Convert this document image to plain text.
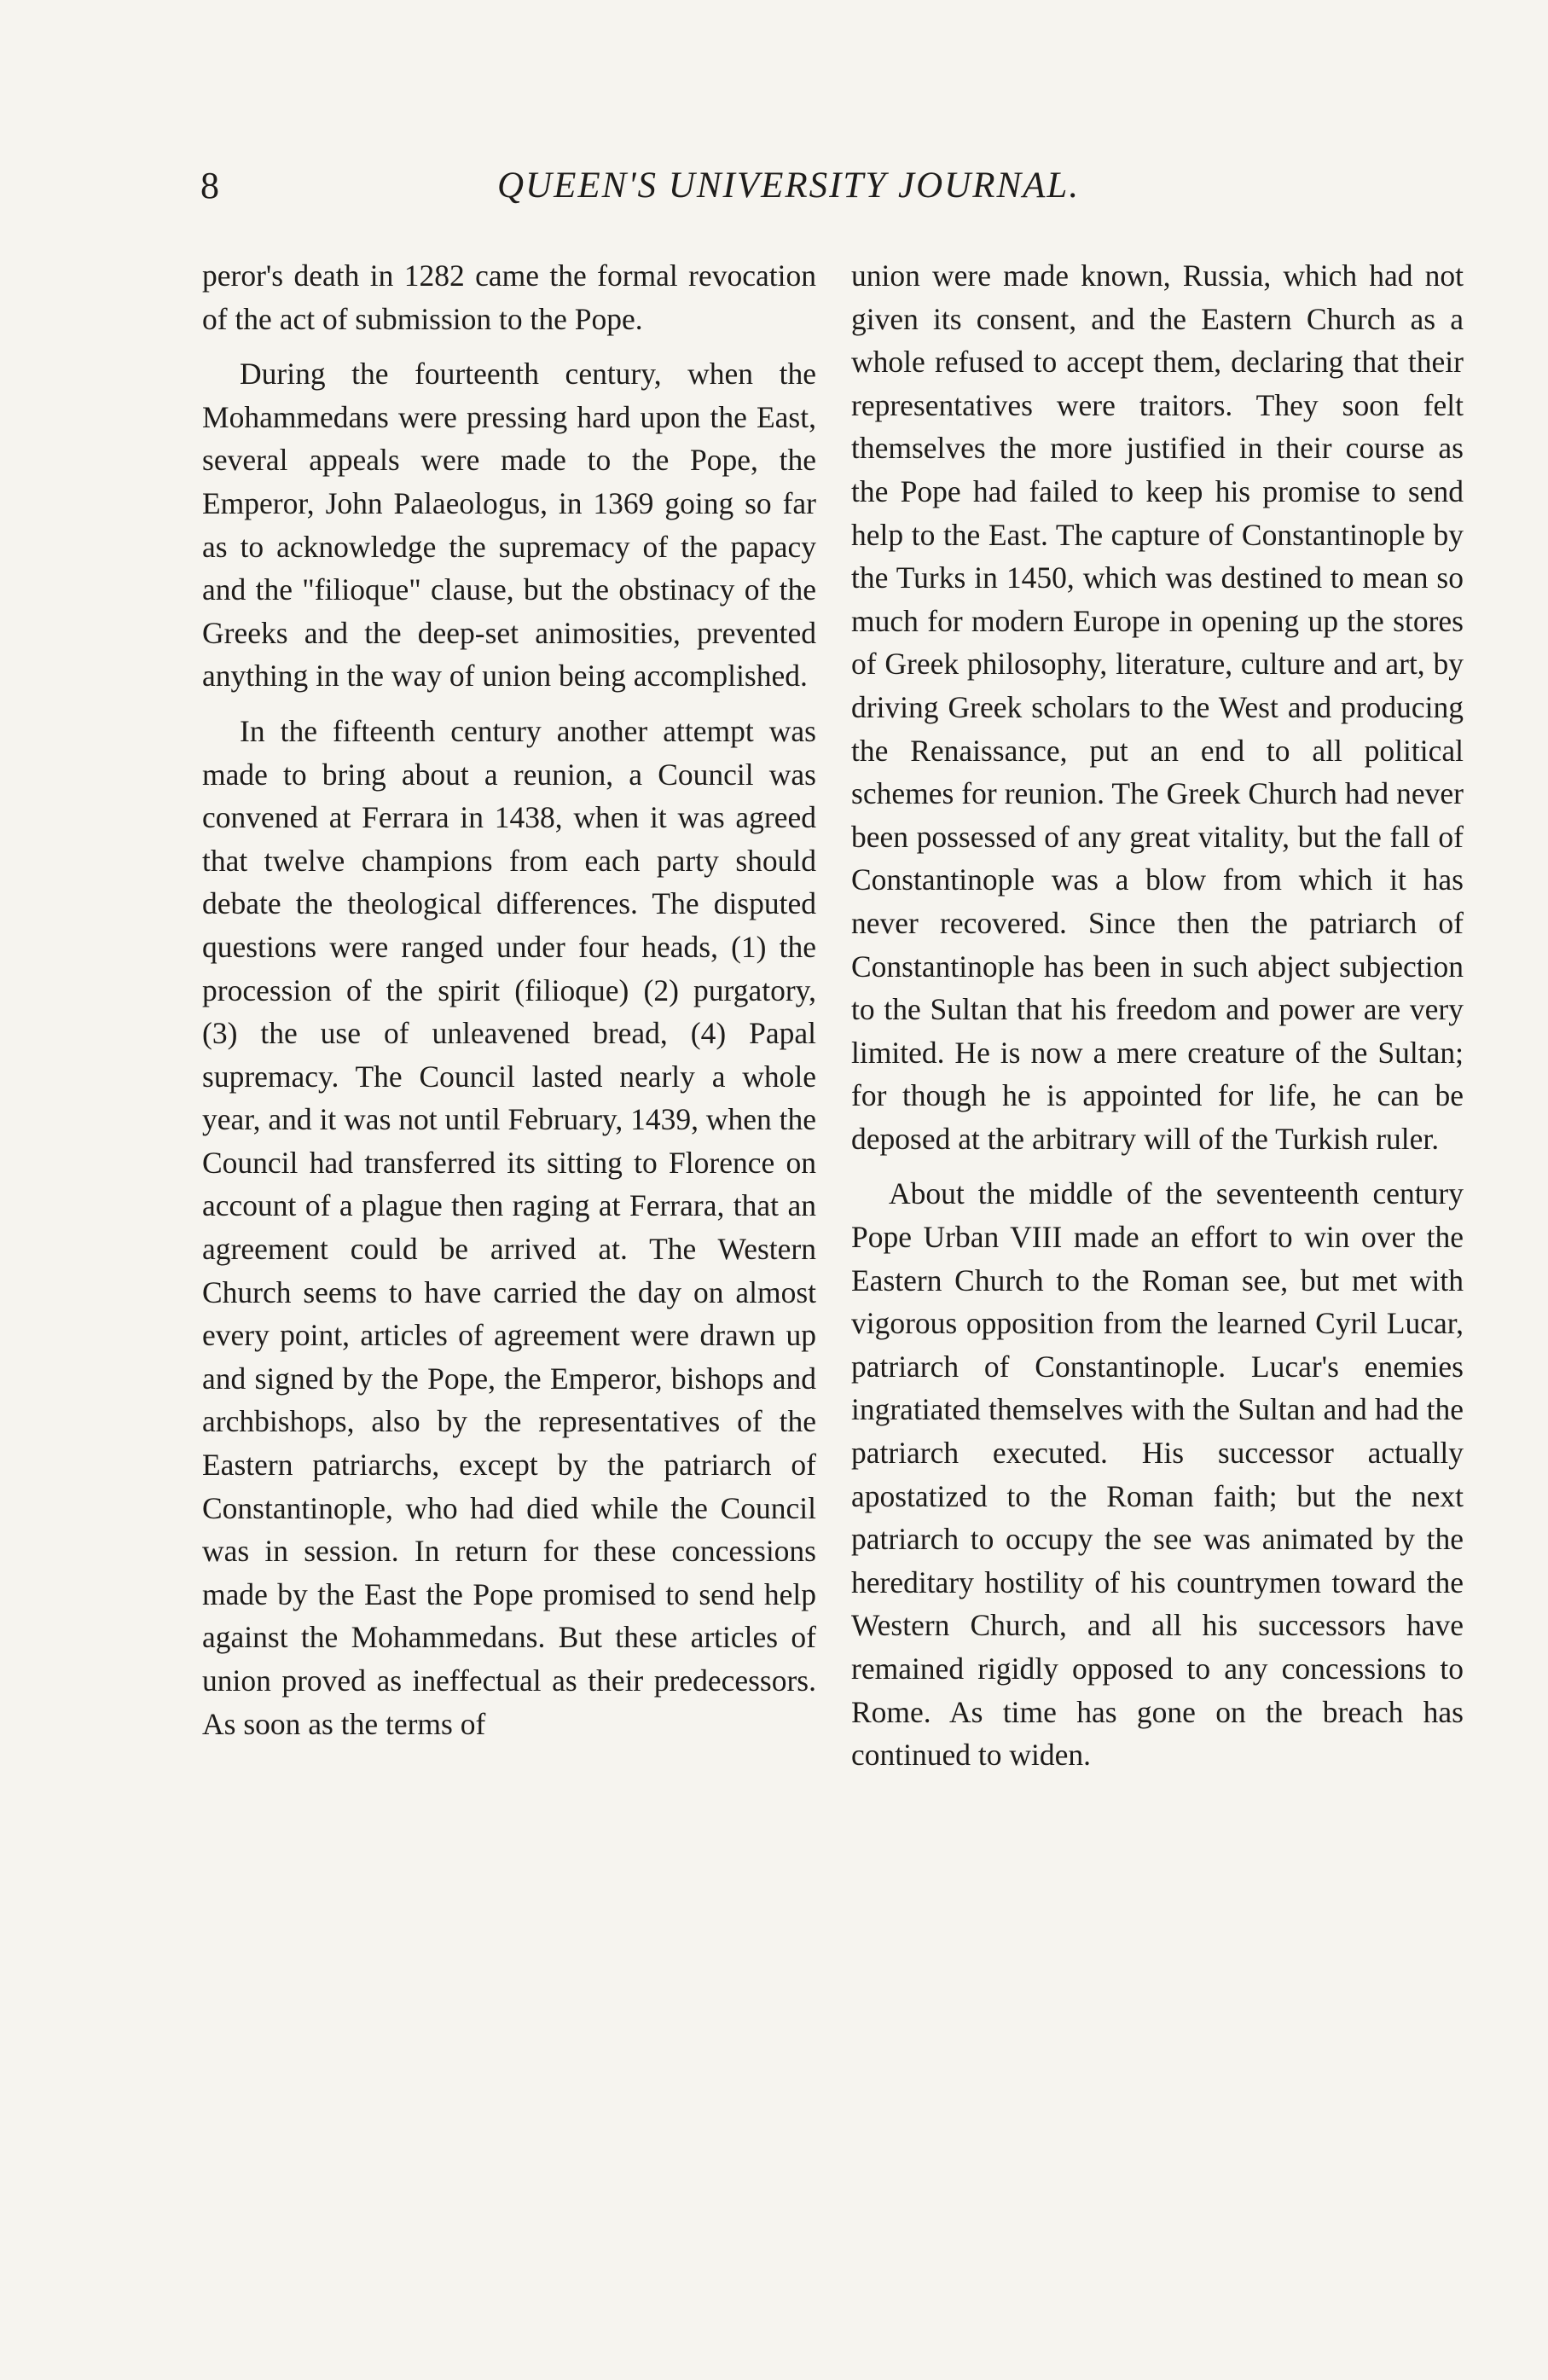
8	QUEEN'S UNIVERSITY JOURNAL.

peror's death in 1282 came the formal revocation of the act of submission to the Pope.

During the fourteenth century, when the Mohammedans were pressing hard upon the East, several appeals were made to the Pope, the Emperor, John Palaeologus, in 1369 going so far as to acknowledge the supremacy of the papacy and the "filioque" clause, but the obstinacy of the Greeks and the deep-set animosities, prevented anything in the way of union being accomplished.

In the fifteenth century another attempt was made to bring about a reunion, a Council was convened at Ferrara in 1438, when it was agreed that twelve champions from each party should debate the theological differences. The disputed questions were ranged under four heads, (1) the procession of the spirit (filioque) (2) purgatory, (3) the use of unleavened bread, (4) Papal supremacy. The Council lasted nearly a whole year, and it was not until February, 1439, when the Council had transferred its sitting to Florence on account of a plague then raging at Ferrara, that an agreement could be arrived at. The Western Church seems to have carried the day on almost every point, articles of agreement were drawn up and signed by the Pope, the Emperor, bishops and archbishops, also by the representatives of the Eastern patriarchs, except by the patriarch of Constantinople, who had died while the Council was in session. In return for these concessions made by the East the Pope promised to send help against the Mohammedans. But these articles of union proved as ineffectual as their predecessors. As soon as the terms of

union were made known, Russia, which had not given its consent, and the Eastern Church as a whole refused to accept them, declaring that their representatives were traitors. They soon felt themselves the more justified in their course as the Pope had failed to keep his promise to send help to the East. The capture of Constantinople by the Turks in 1450, which was destined to mean so much for modern Europe in opening up the stores of Greek philosophy, literature, culture and art, by driving Greek scholars to the West and producing the Renaissance, put an end to all political schemes for reunion. The Greek Church had never been possessed of any great vitality, but the fall of Constantinople was a blow from which it has never recovered. Since then the patriarch of Constantinople has been in such abject subjection to the Sultan that his freedom and power are very limited. He is now a mere creature of the Sultan; for though he is appointed for life, he can be deposed at the arbitrary will of the Turkish ruler.

About the middle of the seventeenth century Pope Urban VIII made an effort to win over the Eastern Church to the Roman see, but met with vigorous opposition from the learned Cyril Lucar, patriarch of Constantinople. Lucar's enemies ingratiated themselves with the Sultan and had the patriarch executed. His successor actually apostatized to the Roman faith; but the next patriarch to occupy the see was animated by the hereditary hostility of his countrymen toward the Western Church, and all his successors have remained rigidly opposed to any concessions to Rome. As time has gone on the breach has continued to widen.
